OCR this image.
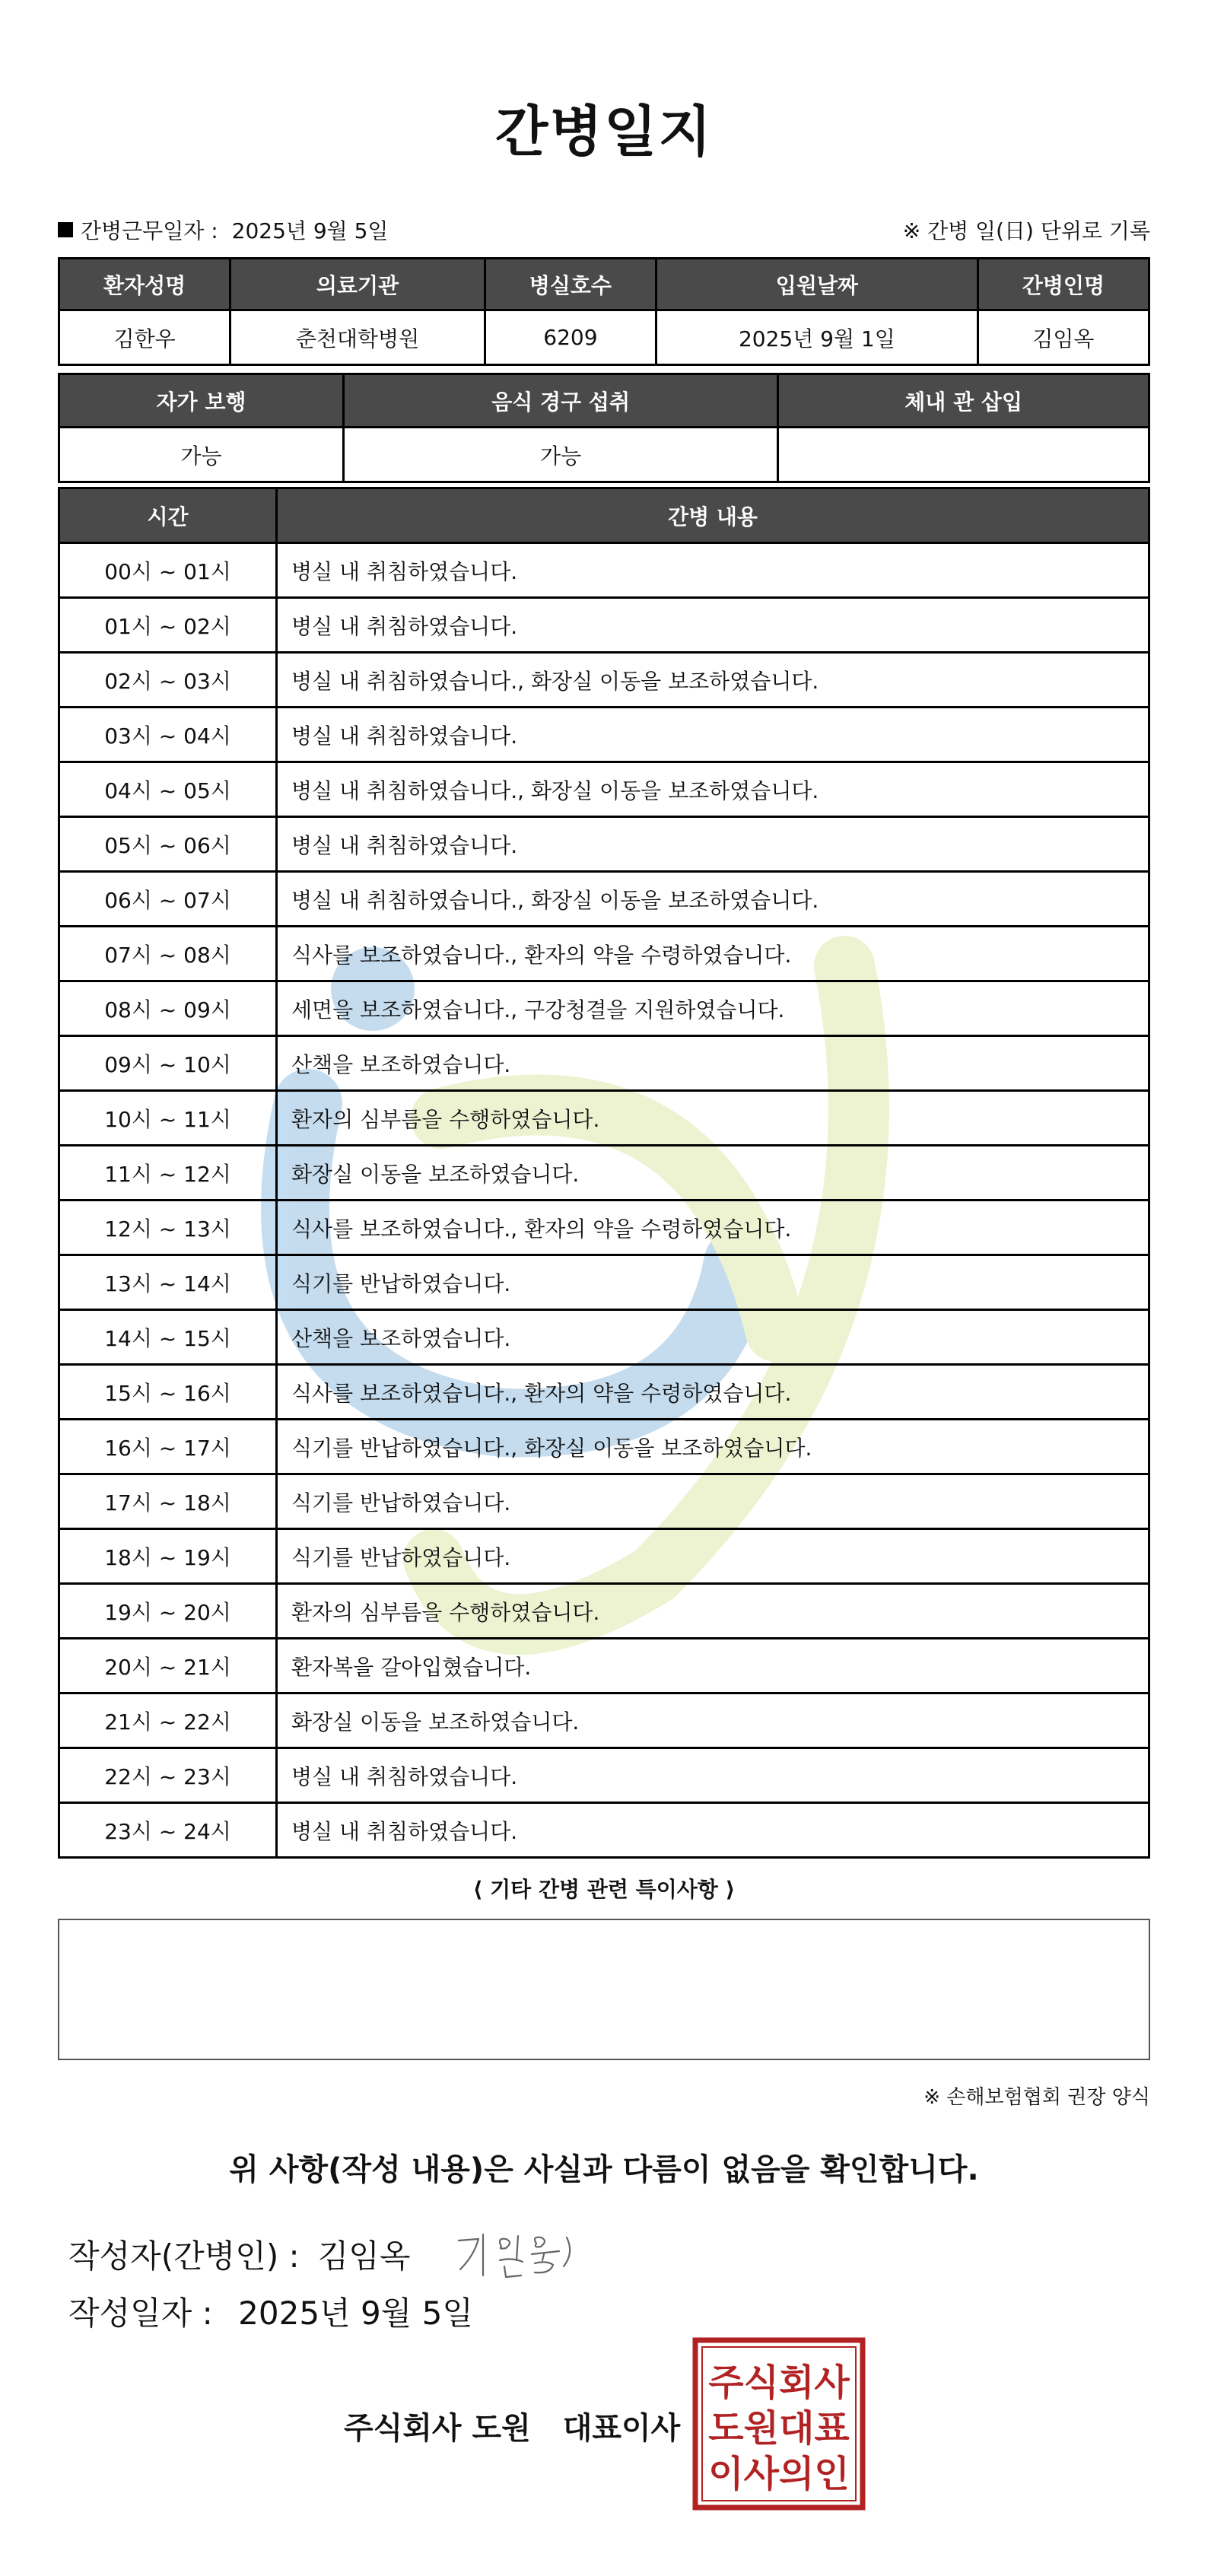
간병일지
간병근무일자 : 2025년 9월 5일	※ 간병 일(日) 단위로 기록
환자성명	의료기관	병실호수	입원날짜	간병인명
김한우	춘천대학병원	6209	2025년 9월 1일	김임옥
자가 보행	음식 경구 섭취	체내 관 삽입
가능	가능	
시간	간병 내용
00시 ~ 01시	병실 내 취침하였습니다.
01시 ~ 02시	병실 내 취침하였습니다.
02시 ~ 03시	병실 내 취침하였습니다., 화장실 이동을 보조하였습니다.
03시 ~ 04시	병실 내 취침하였습니다.
04시 ~ 05시	병실 내 취침하였습니다., 화장실 이동을 보조하였습니다.
05시 ~ 06시	병실 내 취침하였습니다.
06시 ~ 07시	병실 내 취침하였습니다., 화장실 이동을 보조하였습니다.
07시 ~ 08시	식사를 보조하였습니다., 환자의 약을 수령하였습니다.
08시 ~ 09시	세면을 보조하였습니다., 구강청결을 지원하였습니다.
09시 ~ 10시	산책을 보조하였습니다.
10시 ~ 11시	환자의 심부름을 수행하였습니다.
11시 ~ 12시	화장실 이동을 보조하였습니다.
12시 ~ 13시	식사를 보조하였습니다., 환자의 약을 수령하였습니다.
13시 ~ 14시	식기를 반납하였습니다.
14시 ~ 15시	산책을 보조하였습니다.
15시 ~ 16시	식사를 보조하였습니다., 환자의 약을 수령하였습니다.
16시 ~ 17시	식기를 반납하였습니다., 화장실 이동을 보조하였습니다.
17시 ~ 18시	식기를 반납하였습니다.
18시 ~ 19시	식기를 반납하였습니다.
19시 ~ 20시	환자의 심부름을 수행하였습니다.
20시 ~ 21시	환자복을 갈아입혔습니다.
21시 ~ 22시	화장실 이동을 보조하였습니다.
22시 ~ 23시	병실 내 취침하였습니다.
23시 ~ 24시	병실 내 취침하였습니다.
⟨ 기타 간병 관련 특이사항 ⟩
※ 손해보험협회 권장 양식
위 사항(작성 내용)은 사실과 다름이 없음을 확인합니다.
작성자(간병인) : 김임옥
작성일자 : 2025년 9월 5일
주식회사 도원 대표이사
주식회사
도원대표
이사의인
